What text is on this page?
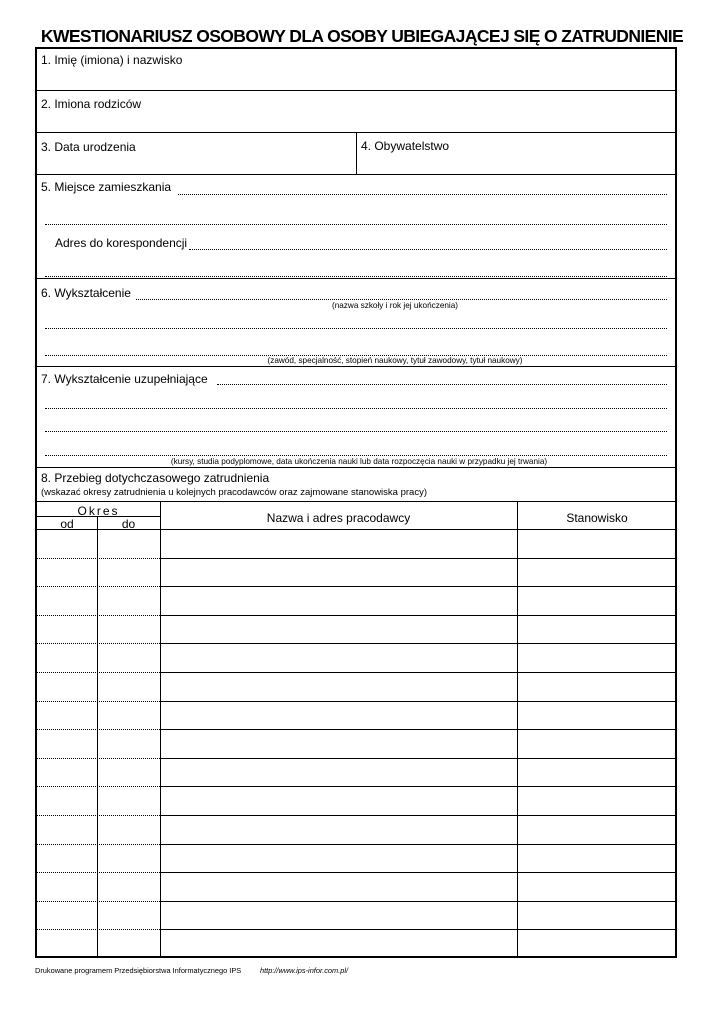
KWESTIONARIUSZ OSOBOWY DLA OSOBY UBIEGAJĄCEJ SIĘ O ZATRUDNIENIE
1. Imię (imiona) i nazwisko
2. Imiona rodziców
3. Data urodzenia	4. Obywatelstwo
5. Miejsce zamieszkania
Adres do korespondencji
6. Wykształcenie
(nazwa szkoły i rok jej ukończenia)
(zawód, specjalność, stopień naukowy, tytuł zawodowy, tytuł naukowy)
7. Wykształcenie uzupełniające
(kursy, studia podyplomowe, data ukończenia nauki lub data rozpoczęcia nauki w przypadku jej trwania)
8. Przebieg dotychczasowego zatrudnienia
(wskazać okresy zatrudnienia u kolejnych pracodawców oraz zajmowane stanowiska pracy)
Okres
od	do	Nazwa i adres pracodawcy	Stanowisko
Drukowane programem Przedsiębiorstwa Informatycznego IPS	http://www.ips-infor.com.pl/
